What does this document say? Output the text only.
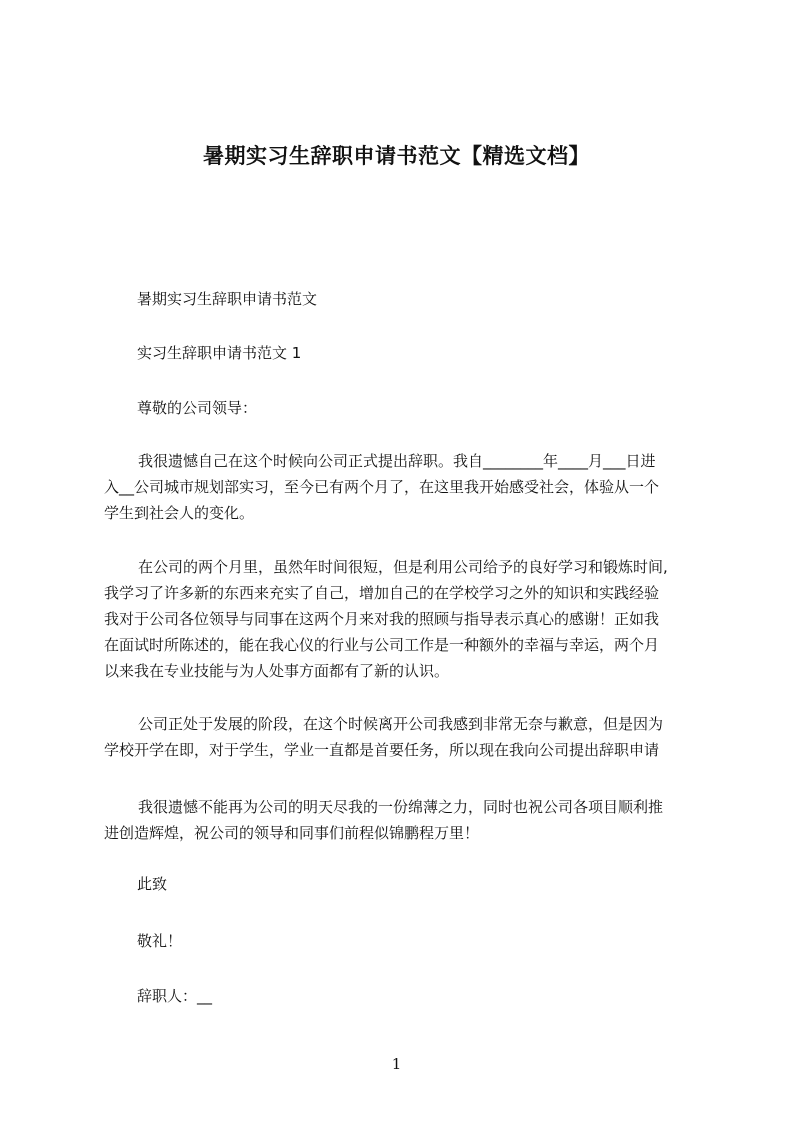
暑期实习生辞职申请书范文【精选文档】
暑期实习生辞职申请书范文
实习生辞职申请书范文 1
尊敬的公司领导：
我很遗憾自己在这个时候向公司正式提出辞职。我自________年____月___日进
入__公司城市规划部实习，至今已有两个月了，在这里我开始感受社会，体验从一个
学生到社会人的变化。
在公司的两个月里，虽然年时间很短，但是利用公司给予的良好学习和锻炼时间,
我学习了许多新的东西来充实了自己，增加自己的在学校学习之外的知识和实践经验
我对于公司各位领导与同事在这两个月来对我的照顾与指导表示真心的感谢！正如我
在面试时所陈述的，能在我心仪的行业与公司工作是一种额外的幸福与幸运，两个月
以来我在专业技能与为人处事方面都有了新的认识。
公司正处于发展的阶段，在这个时候离开公司我感到非常无奈与歉意，但是因为
学校开学在即，对于学生，学业一直都是首要任务，所以现在我向公司提出辞职申请
我很遗憾不能再为公司的明天尽我的一份绵薄之力，同时也祝公司各项目顺利推
进创造辉煌，祝公司的领导和同事们前程似锦鹏程万里！
此致
敬礼！
辞职人：__
1
